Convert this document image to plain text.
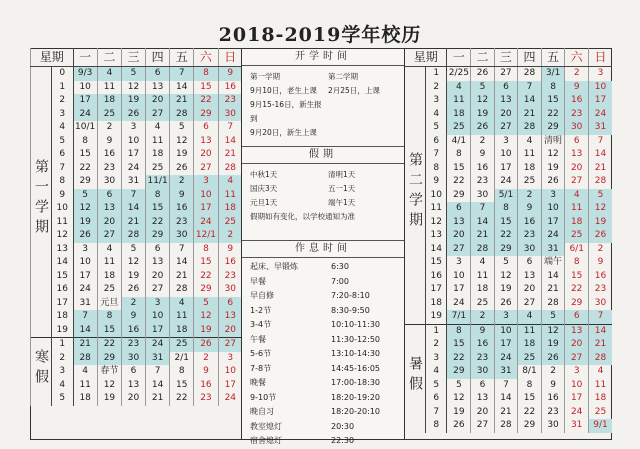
2018-2019学年校历
星期		一	二	三	四	五	六	日
第一学期	0	9/3	4	5	6	7	8	9
	1	10	11	12	13	14	15	16
	2	17	18	19	20	21	22	23
	3	24	25	26	27	28	29	30
	4	10/1	2	3	4	5	6	7
	5	8	9	10	11	12	13	14
	6	15	16	17	18	19	20	21
	7	22	23	24	25	26	27	28
	8	29	30	31	11/1	2	3	4
	9	5	6	7	8	9	10	11
	10	12	13	14	15	16	17	18
	11	19	20	21	22	23	24	25
	12	26	27	28	29	30	12/1	2
	13	3	4	5	6	7	8	9
	14	10	11	12	13	14	15	16
	15	17	18	19	20	21	22	23
	16	24	25	26	27	28	29	30
	17	31	元旦	2	3	4	5	6
	18	7	8	9	10	11	12	13
	19	14	15	16	17	18	19	20
寒假	1	21	22	23	24	25	26	27
	2	28	29	30	31	2/1	2	3
	3	4	春节	6	7	8	9	10
	4	11	12	13	14	15	16	17
	5	18	19	20	21	22	23	24
星期		一	二	三	四	五	六	日
第二学期	1	2/25	26	27	28	3/1	2	3
	2	4	5	6	7	8	9	10
	3	11	12	13	14	15	16	17
	4	18	19	20	21	22	23	24
	5	25	26	27	28	29	30	31
	6	4/1	2	3	4	清明	6	7
	7	8	9	10	11	12	13	14
	8	15	16	17	18	19	20	21
	9	22	23	24	25	26	27	28
	10	29	30	5/1	2	3	4	5
	11	6	7	8	9	10	11	12
	12	13	14	15	16	17	18	19
	13	20	21	22	23	24	25	26
	14	27	28	29	30	31	6/1	2
	15	3	4	5	6	端午	8	9
	16	10	11	12	13	14	15	16
	17	17	18	19	20	21	22	23
	18	24	25	26	27	28	29	30
	19	7/1	2	3	4	5	6	7
暑假	1	8	9	10	11	12	13	14
	2	15	16	17	18	19	20	21
	3	22	23	24	25	26	27	28
	4	29	30	31	8/1	2	3	4
	5	5	6	7	8	9	10	11
	6	12	13	14	15	16	17	18
	7	19	20	21	22	23	24	25
	8	26	27	28	29	30	31	9/1
开学时间
第一学期	第二学期
9月10日，老生上课	2月25日，上课
9月15-16日，新生报到
9月20日，新生上课
假期
中秋1天	清明1天
国庆3天	五一1天
元旦1天	端午1天
假期如有变化，以学校通知为准
作息时间
起床、早锻炼	6:30
早餐	7:00
早自修	7:20-8:10
1-2节	8:30-9:50
3-4节	10:10-11:30
午餐	11:30-12:50
5-6节	13:10-14:30
7-8节	14:45-16:05
晚餐	17:00-18:30
9-10节	18:20-19:20
晚自习	18:20-20:10
教室熄灯	20:30
宿舍熄灯	22:30
